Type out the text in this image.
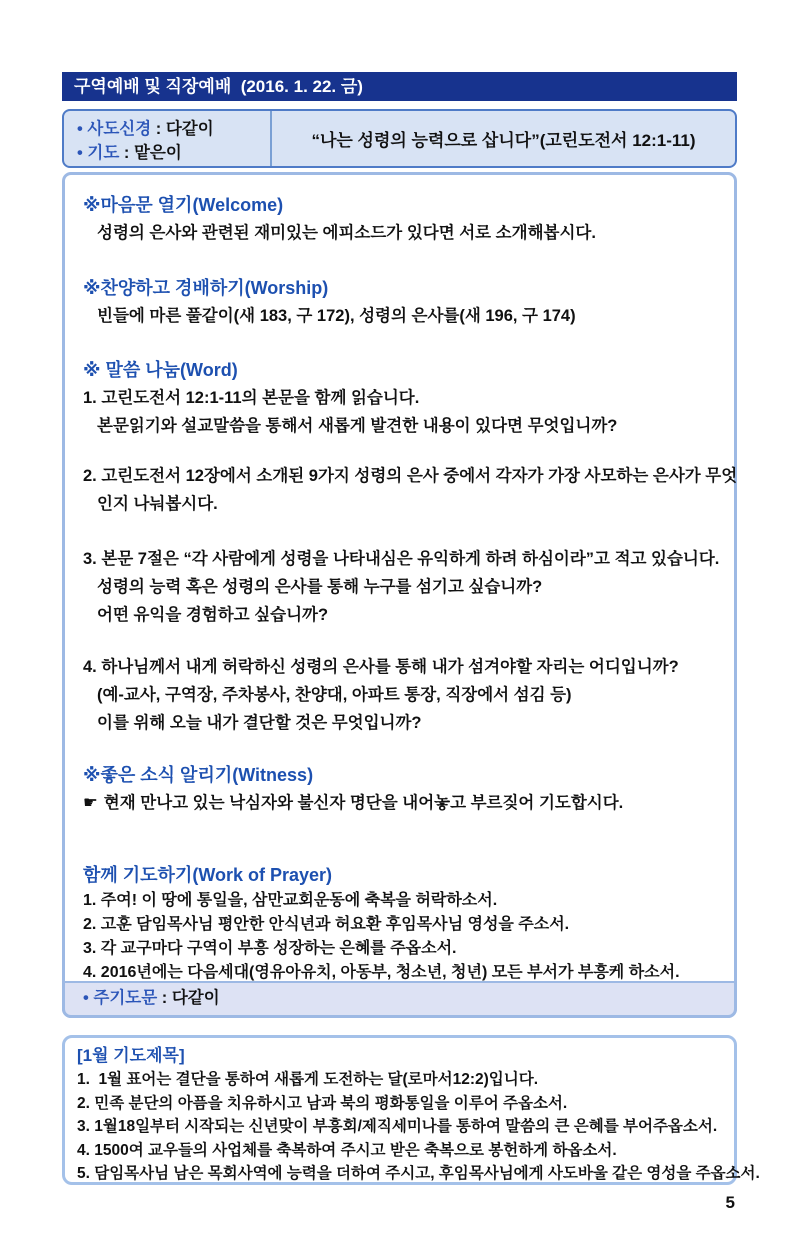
구역예배 및 직장예배  (2016. 1. 22. 금)
• 사도신경 : 다같이
• 기도 : 맡은이
“나는 성령의 능력으로 삽니다”(고린도전서 12:1-11)
※마음문 열기(Welcome)
성령의 은사와 관련된 재미있는 에피소드가 있다면 서로 소개해봅시다.
※찬양하고 경배하기(Worship)
빈들에 마른 풀같이(새 183, 구 172), 성령의 은사를(새 196, 구 174)
※ 말씀 나눔(Word)
1. 고린도전서 12:1-11의 본문을 함께 읽습니다.
본문읽기와 설교말씀을 통해서 새롭게 발견한 내용이 있다면 무엇입니까?
2. 고린도전서 12장에서 소개된 9가지 성령의 은사 중에서 각자가 가장 사모하는 은사가 무엇
인지 나눠봅시다.
3. 본문 7절은 “각 사람에게 성령을 나타내심은 유익하게 하려 하심이라”고 적고 있습니다.
성령의 능력 혹은 성령의 은사를 통해 누구를 섬기고 싶습니까?
어떤 유익을 경험하고 싶습니까?
4. 하나님께서 내게 허락하신 성령의 은사를 통해 내가 섬겨야할 자리는 어디입니까?
(예-교사, 구역장, 주차봉사, 찬양대, 아파트 통장, 직장에서 섬김 등)
이를 위해 오늘 내가 결단할 것은 무엇입니까?
※좋은 소식 알리기(Witness)
☛ 현재 만나고 있는 낙심자와 불신자 명단을 내어놓고 부르짖어 기도합시다.
함께 기도하기(Work of Prayer)
1. 주여! 이 땅에 통일을, 삼만교회운동에 축복을 허락하소서.
2. 고훈 담임목사님 평안한 안식년과 허요환 후임목사님 영성을 주소서.
3. 각 교구마다 구역이 부흥 성장하는 은혜를 주옵소서.
4. 2016년에는 다음세대(영유아유치, 아동부, 청소년, 청년) 모든 부서가 부흥케 하소서.
• 주기도문 : 다같이
[1월 기도제목]
1.  1월 표어는 결단을 통하여 새롭게 도전하는 달(로마서12:2)입니다.
2. 민족 분단의 아픔을 치유하시고 남과 북의 평화통일을 이루어 주옵소서.
3. 1월18일부터 시작되는 신년맞이 부흥회/제직세미나를 통하여 말씀의 큰 은혜를 부어주옵소서.
4. 1500여 교우들의 사업체를 축복하여 주시고 받은 축복으로 봉헌하게 하옵소서.
5. 담임목사님 남은 목회사역에 능력을 더하여 주시고, 후임목사님에게 사도바울 같은 영성을 주옵소서.
5
